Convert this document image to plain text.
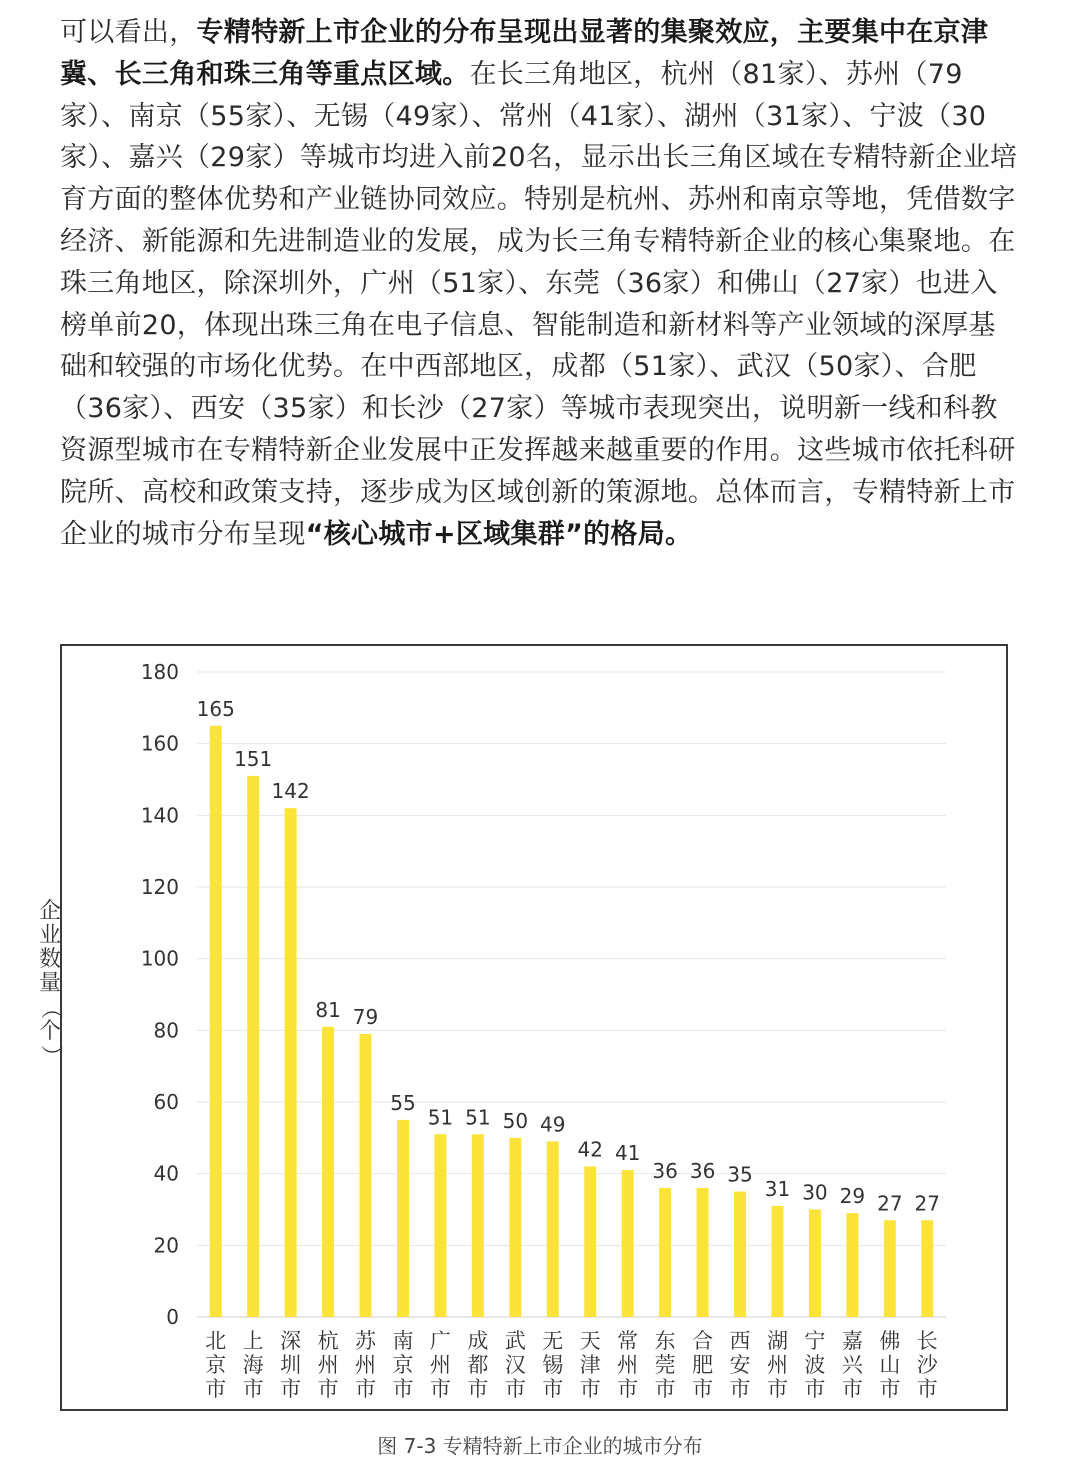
可以看出，专精特新上市企业的分布呈现出显著的集聚效应，主要集中在京津冀、长三角和珠三角等重点区域。在长三角地区，杭州（81家）、苏州（79家）、南京（55家）、无锡（49家）、常州（41家）、湖州（31家）、宁波（30家）、嘉兴（29家）等城市均进入前20名，显示出长三角区域在专精特新企业培育方面的整体优势和产业链协同效应。特别是杭州、苏州和南京等地，凭借数字经济、新能源和先进制造业的发展，成为长三角专精特新企业的核心集聚地。在珠三角地区，除深圳外，广州（51家）、东莞（36家）和佛山（27家）也进入榜单前20，体现出珠三角在电子信息、智能制造和新材料等产业领域的深厚基础和较强的市场化优势。在中西部地区，成都（51家）、武汉（50家）、合肥（36家）、西安（35家）和长沙（27家）等城市表现突出，说明新一线和科教资源型城市在专精特新企业发展中正发挥越来越重要的作用。这些城市依托科研院所、高校和政策支持，逐步成为区域创新的策源地。总体而言，专精特新上市企业的城市分布呈现“核心城市+区域集群”的格局。
0
20
40
60
80
100
120
140
160
180
165
151
142
81 79
55
51 51 50 49
42 41
36 36 35
31 30 29 27 27
北京市
上海市
深圳市
杭州市
苏州市
南京市
广州市
成都市
武汉市
无锡市
天津市
常州市
东莞市
合肥市
西安市
湖州市
宁波市
嘉兴市
佛山市
长沙市
企
业
数
量
（
个
）
图 7-3 专精特新上市企业的城市分布
